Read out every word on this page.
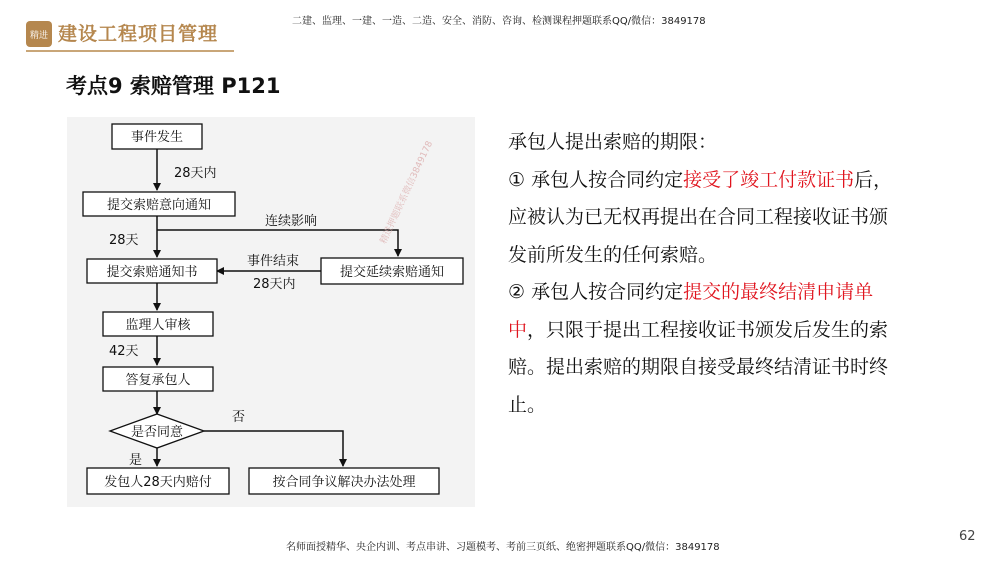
精进 建设工程项目管理
二建、监理、一建、一造、二造、安全、消防、咨询、检测课程押题联系QQ/微信：3849178
考点9 索赔管理 P121
事件发生
提交索赔意向通知
提交索赔通知书	提交延续索赔通知
监理人审核
答复承包人
是否同意
发包人28天内赔付	按合同争议解决办法处理
28天内
连续影响
28天
事件结束
28天内
42天
否
是
精进押题联系微信3849178	承包人提出索赔的期限：

① 承包人按合同约定接受了竣工付款证书后，应被认为已无权再提出在合同工程接收证书颁发前所发生的任何索赔。

② 承包人按合同约定提交的最终结清申请单中，只限于提出工程接收证书颁发后发生的索赔。提出索赔的期限自接受最终结清证书时终止。

名师面授精华、央企内训、考点串讲、习题模考、考前三页纸、绝密押题联系QQ/微信：3849178
62
